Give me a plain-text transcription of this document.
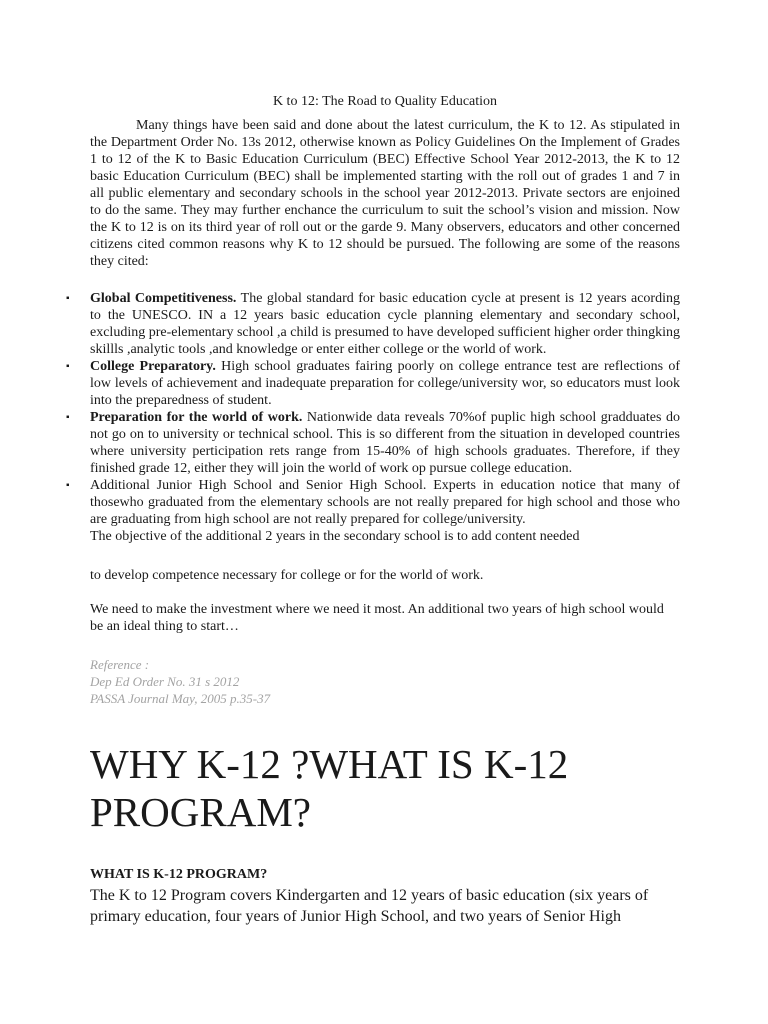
K to 12: The Road to Quality Education

Many things have been said and done about the latest curriculum, the K to 12. As stipulated in the Department Order No. 13s 2012, otherwise known as Policy Guidelines On the Implement of Grades 1 to 12 of the K to Basic Education Curriculum (BEC) Effective School Year 2012-2013, the K to 12 basic Education Curriculum (BEC) shall be implemented starting with the roll out of grades 1 and 7 in all public elementary and secondary schools in the school year 2012-2013. Private sectors are enjoined to do the same. They may further enchance the curriculum to suit the school’s vision and mission. Now the K to 12 is on its third year of roll out or the garde 9. Many observers, educators and other concerned citizens cited common reasons why K to 12 should be pursued. The following are some of the reasons they cited:

▪ Global Competitiveness. The global standard for basic education cycle at present is 12 years acording to the UNESCO. IN a 12 years basic education cycle planning elementary and secondary school, excluding pre-elementary school ,a child is presumed to have developed sufficient higher order thingking skillls ,analytic tools ,and knowledge or enter either college or the world of work.
▪ College Preparatory. High school graduates fairing poorly on college entrance test are reflections of low levels of achievement and inadequate preparation for college/university wor, so educators must look into the preparedness of student.
▪ Preparation for the world of work. Nationwide data reveals 70%of puplic high school gradduates do not go on to university or technical school. This is so different from the situation in developed countries where university perticipation rets range from 15-40% of high schools graduates. Therefore, if they finished grade 12, either they will join the world of work op pursue college education.
▪ Additional Junior High School and Senior High School. Experts in education notice that many of thosewho graduated from the elementary schools are not really prepared for high school and those who are graduating from high school are not really prepared for college/university.
The objective of the additional 2 years in the secondary school is to add content needed

to develop competence necessary for college or for the world of work.

We need to make the investment where we need it most. An additional two years of high school would be an ideal thing to start…

Reference :
Dep Ed Order No. 31 s 2012
PASSA Journal May, 2005 p.35-37
WHY K-12 ?WHAT IS K-12 PROGRAM?
WHAT IS K-12 PROGRAM?

The K to 12 Program covers Kindergarten and 12 years of basic education (six years of primary education, four years of Junior High School, and two years of Senior High
